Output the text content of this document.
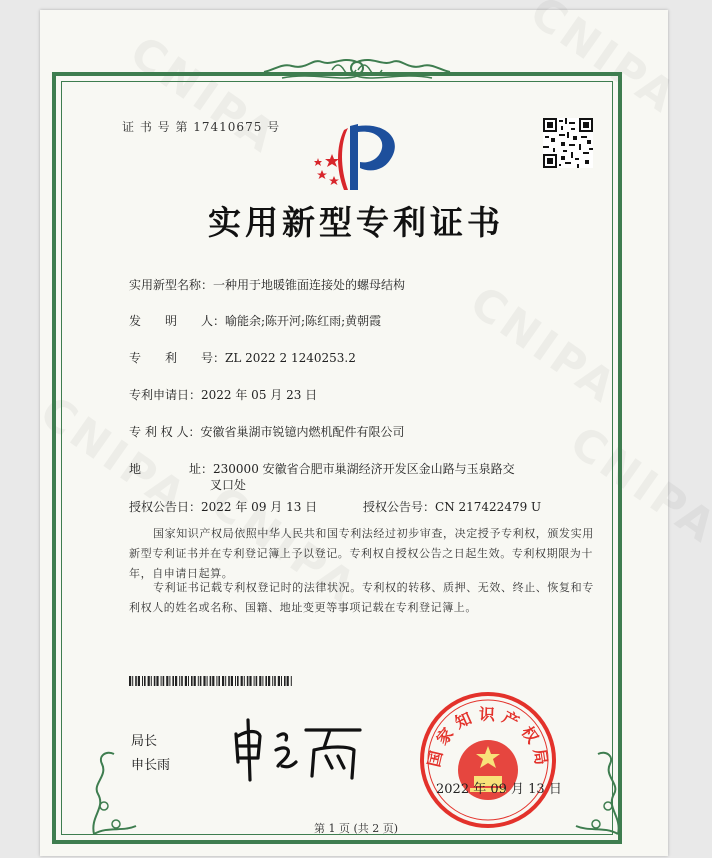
证 书 号 第 17410675 号
实用新型专利证书
实用新型名称：一种用于地暖锥面连接处的螺母结构
发　　明　　人：喻能余;陈开河;陈红雨;黄朝霞
专　　利　　号：ZL 2022 2 1240253.2
专利申请日：2022 年 05 月 23 日
专 利 权 人：安徽省巢湖市锐镱内燃机配件有限公司
地　　　　址：230000 安徽省合肥市巢湖经济开发区金山路与玉泉路交
叉口处
授权公告日：2022 年 09 月 13 日	授权公告号：CN 217422479 U
国家知识产权局依照中华人民共和国专利法经过初步审查，决定授予专利权，颁发实用新型专利证书并在专利登记簿上予以登记。专利权自授权公告之日起生效。专利权期限为十年，自申请日起算。
专利证书记载专利权登记时的法律状况。专利权的转移、质押、无效、终止、恢复和专利权人的姓名或名称、国籍、地址变更等事项记载在专利登记簿上。
局长
申长雨	国家知识产权局
2022 年 09 月 13 日
第 1 页 (共 2 页)
